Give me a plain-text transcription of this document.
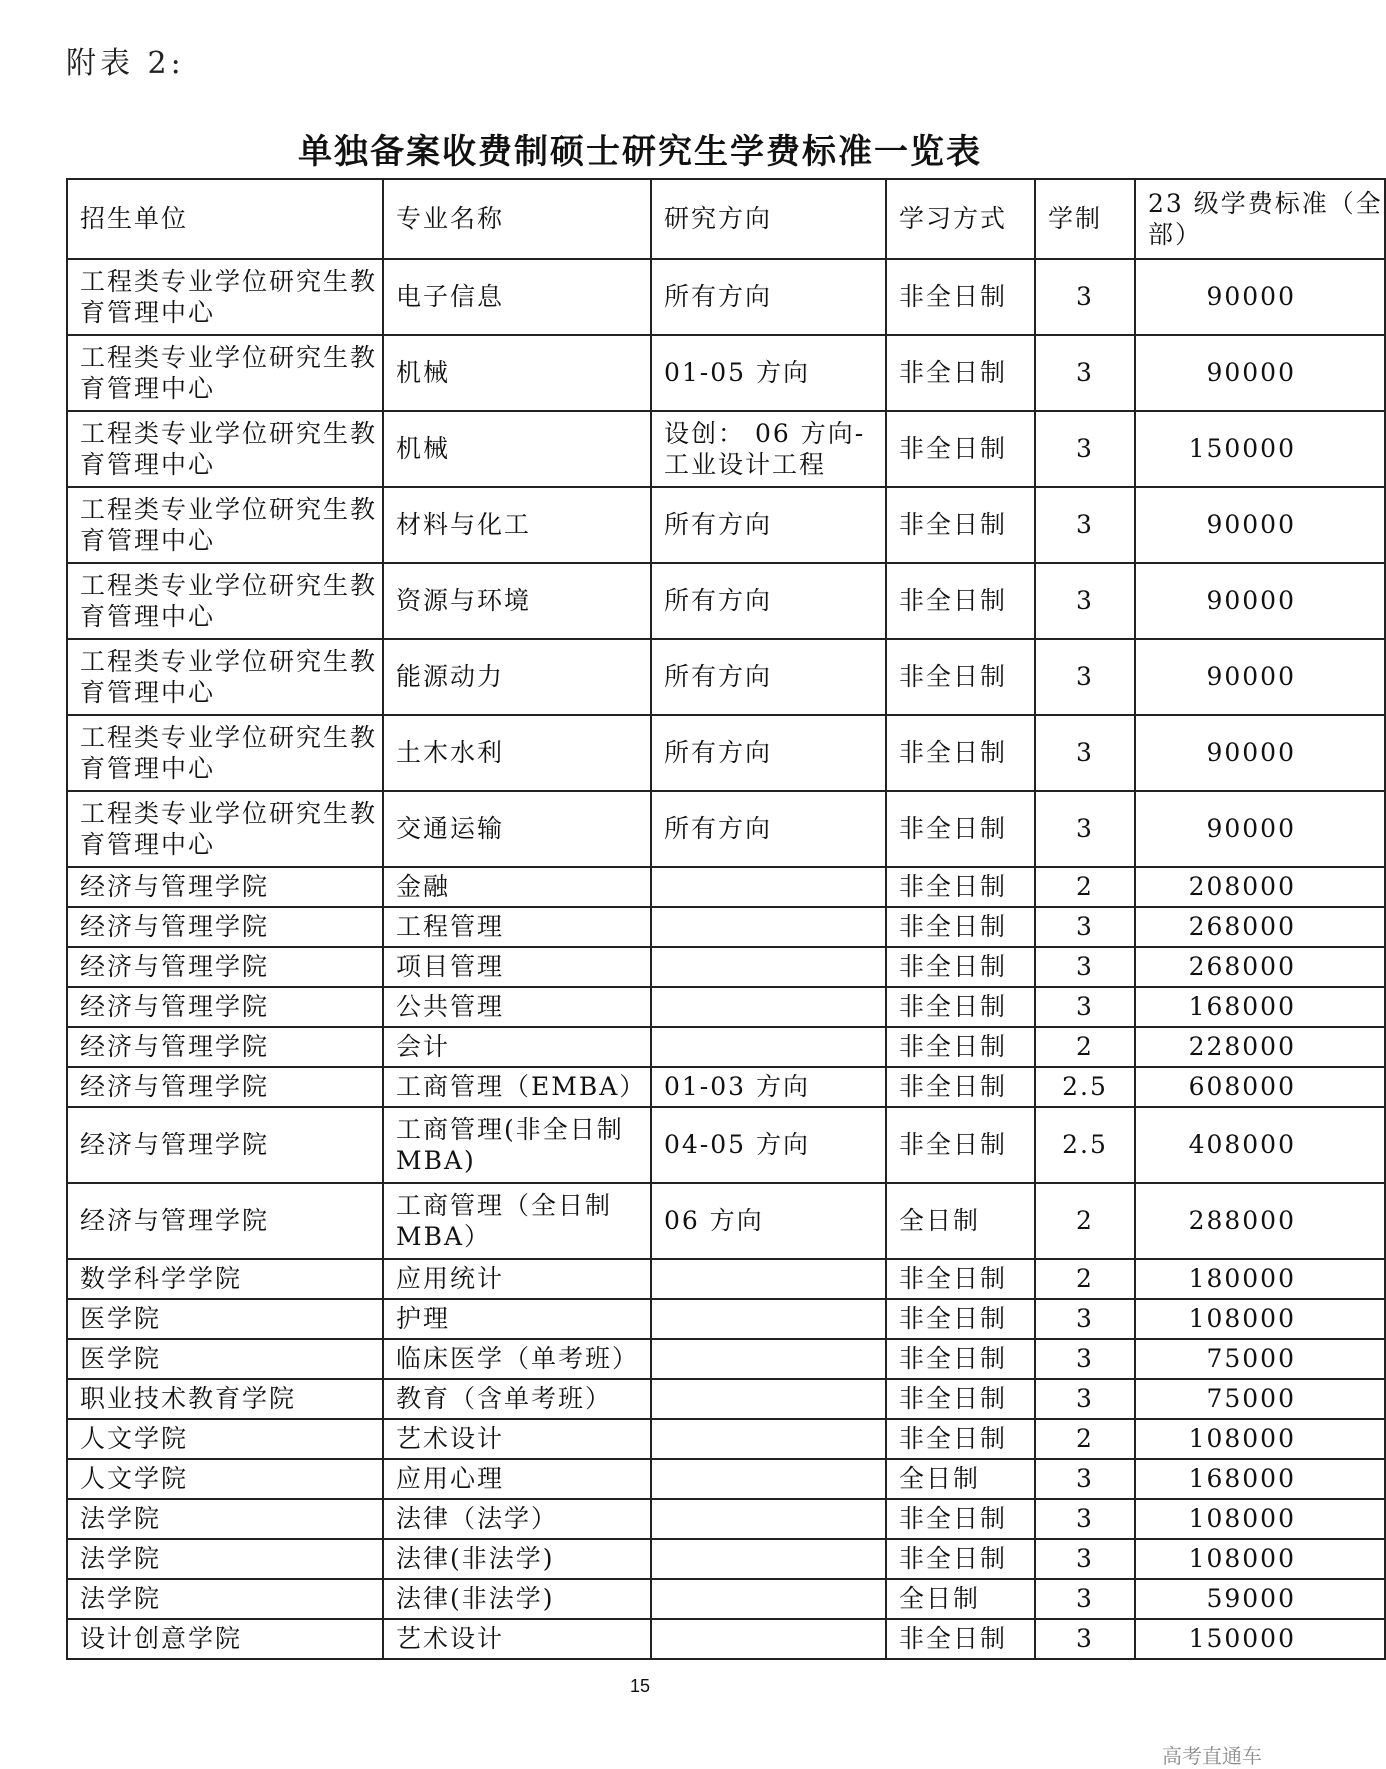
附表 2:
单独备案收费制硕士研究生学费标准一览表
招生单位	专业名称	研究方向	学习方式	学制	23 级学费标准（全部）
工程类专业学位研究生教育管理中心	电子信息	所有方向	非全日制	3	90000
工程类专业学位研究生教育管理中心	机械	01-05 方向	非全日制	3	90000
工程类专业学位研究生教育管理中心	机械	设创： 06 方向-工业设计工程	非全日制	3	150000
工程类专业学位研究生教育管理中心	材料与化工	所有方向	非全日制	3	90000
工程类专业学位研究生教育管理中心	资源与环境	所有方向	非全日制	3	90000
工程类专业学位研究生教育管理中心	能源动力	所有方向	非全日制	3	90000
工程类专业学位研究生教育管理中心	土木水利	所有方向	非全日制	3	90000
工程类专业学位研究生教育管理中心	交通运输	所有方向	非全日制	3	90000
经济与管理学院	金融		非全日制	2	208000
经济与管理学院	工程管理		非全日制	3	268000
经济与管理学院	项目管理		非全日制	3	268000
经济与管理学院	公共管理		非全日制	3	168000
经济与管理学院	会计		非全日制	2	228000
经济与管理学院	工商管理（EMBA）	01-03 方向	非全日制	2.5	608000
经济与管理学院	工商管理(非全日制MBA)	04-05 方向	非全日制	2.5	408000
经济与管理学院	工商管理（全日制MBA）	06 方向	全日制	2	288000
数学科学学院	应用统计		非全日制	2	180000
医学院	护理		非全日制	3	108000
医学院	临床医学（单考班）		非全日制	3	75000
职业技术教育学院	教育（含单考班）		非全日制	3	75000
人文学院	艺术设计		非全日制	2	108000
人文学院	应用心理		全日制	3	168000
法学院	法律（法学）		非全日制	3	108000
法学院	法律(非法学)		非全日制	3	108000
法学院	法律(非法学)		全日制	3	59000
设计创意学院	艺术设计		非全日制	3	150000
15
高考直通车
